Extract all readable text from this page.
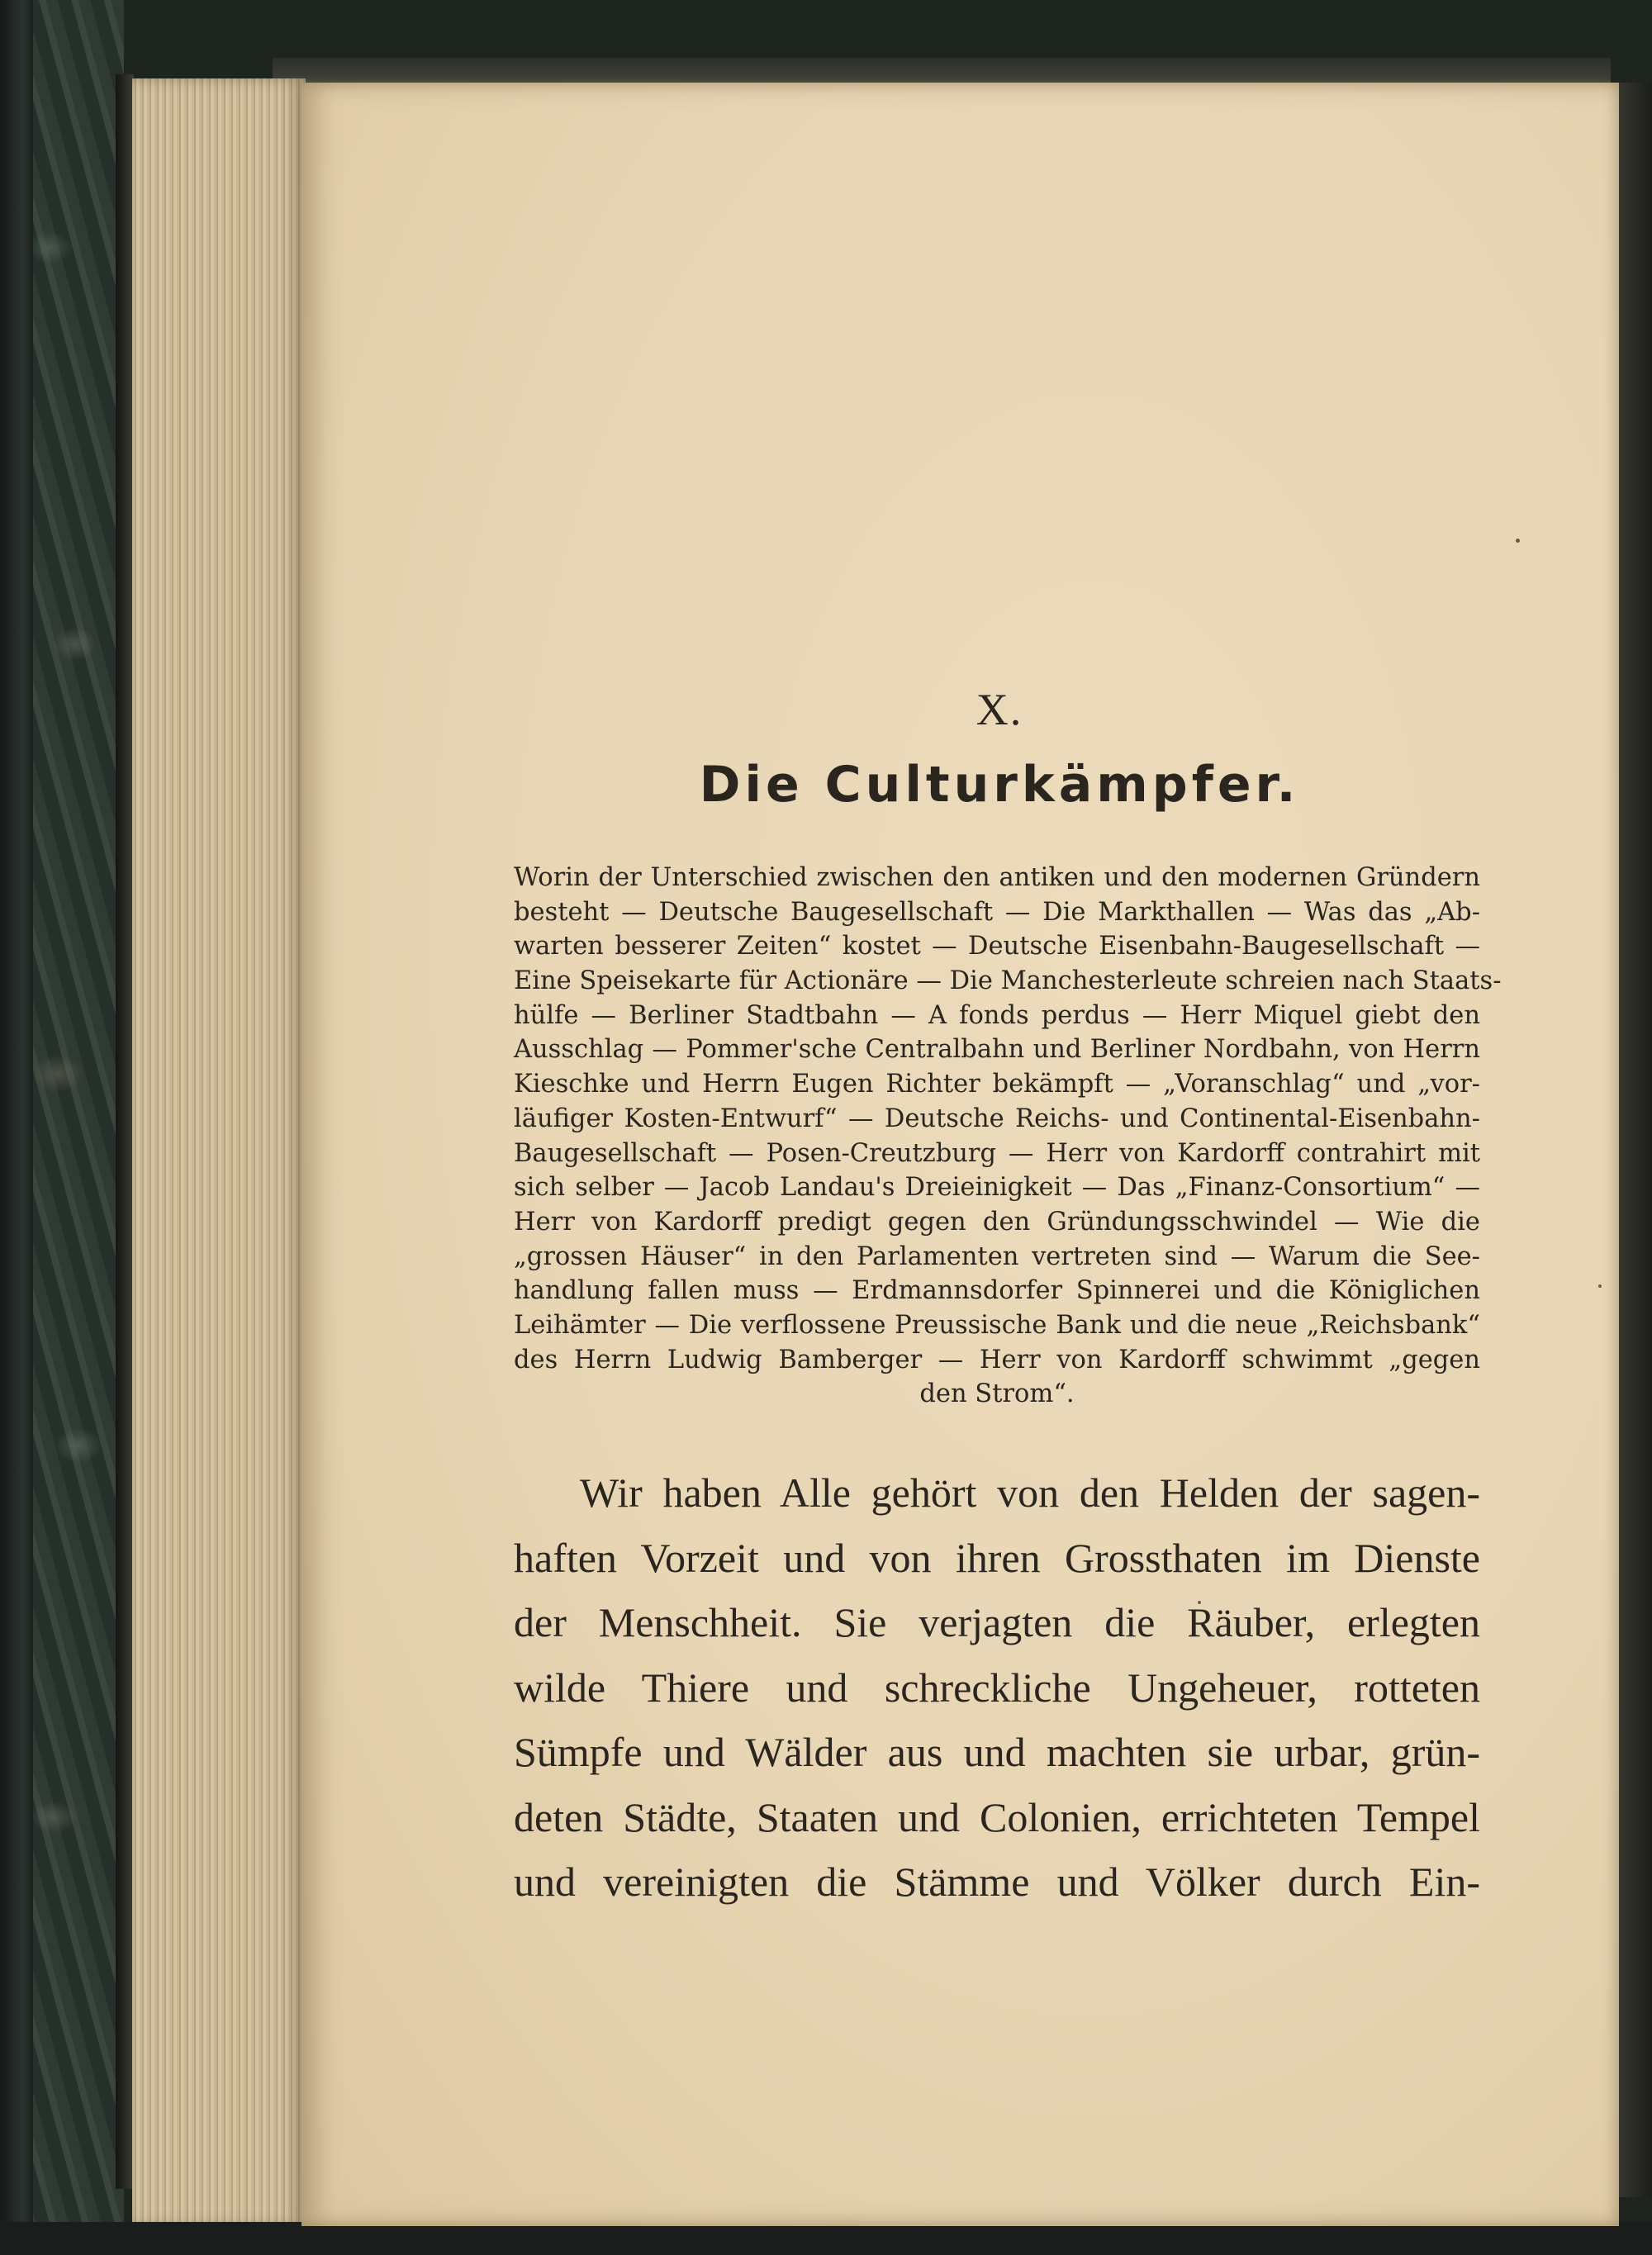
X.
Die Culturkämpfer.
Worin der Unterschied zwischen den antiken und den modernen Gründern
besteht — Deutsche Baugesellschaft — Die Markthallen — Was das „Ab-
warten besserer Zeiten“ kostet — Deutsche Eisenbahn-Baugesellschaft —
Eine Speisekarte für Actionäre — Die Manchesterleute schreien nach Staats-
hülfe — Berliner Stadtbahn — A fonds perdus — Herr Miquel giebt den
Ausschlag — Pommer'sche Centralbahn und Berliner Nordbahn, von Herrn
Kieschke und Herrn Eugen Richter bekämpft — „Voranschlag“ und „vor-
läufiger Kosten-Entwurf“ — Deutsche Reichs- und Continental-Eisenbahn-
Baugesellschaft — Posen-Creutzburg — Herr von Kardorff contrahirt mit
sich selber — Jacob Landau's Dreieinigkeit — Das „Finanz-Consortium“ —
Herr von Kardorff predigt gegen den Gründungsschwindel — Wie die
„grossen Häuser“ in den Parlamenten vertreten sind — Warum die See-
handlung fallen muss — Erdmannsdorfer Spinnerei und die Königlichen
Leihämter — Die verflossene Preussische Bank und die neue „Reichsbank“
des Herrn Ludwig Bamberger — Herr von Kardorff schwimmt „gegen
den Strom“.
Wir haben Alle gehört von den Helden der sagen-
haften Vorzeit und von ihren Grossthaten im Dienste
der Menschheit. Sie verjagten die Räuber, erlegten
wilde Thiere und schreckliche Ungeheuer, rotteten
Sümpfe und Wälder aus und machten sie urbar, grün-
deten Städte, Staaten und Colonien, errichteten Tempel
und vereinigten die Stämme und Völker durch Ein-
